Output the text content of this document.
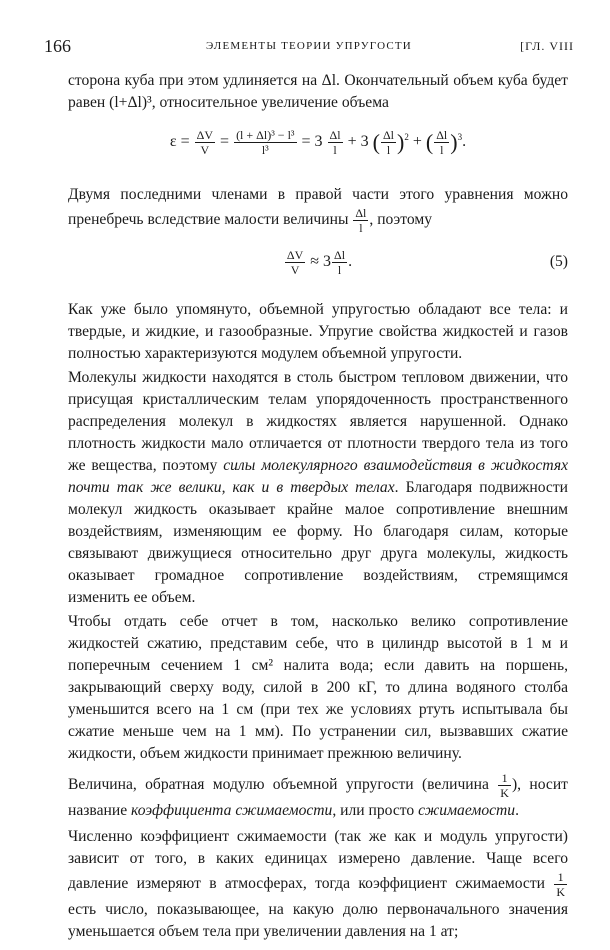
166	ЭЛЕМЕНТЫ ТЕОРИИ УПРУГОСТИ	[ГЛ. VIII

сторона куба при этом удлиняется на Δl. Окончательный объем куба будет равен (l+Δl)³, относительное увеличение объема

$\varepsilon = \frac{\Delta V}{V} = \frac{\text{(l + Δl)³ − l³}}{\text{l³}} = 3 \frac{\Delta l}{l} + 3$ ( $\frac{\Delta l}{l} )^2$ + ( $\frac{\Delta l}{l} )^3$.

Двумя последними членами в правой части этого уравнения можно пренебречь вследствие малости величины $\frac{\Delta l}{l}$ , поэтому

$\frac{\Delta V}{V} \approx 3 \frac{\Delta l}{l}$ .	(5)

Как уже было упомянуто, объемной упругостью обладают все тела: и твердые, и жидкие, и газообразные. Упругие свойства жидкостей и газов полностью характеризуются модулем объемной упругости.

Молекулы жидкости находятся в столь быстром тепловом движении, что присущая кристаллическим телам упорядоченность пространственного распределения молекул в жидкостях является нарушенной. Однако плотность жидкости мало отличается от плотности твердого тела из того же вещества, поэтому силы молекулярного взаимодействия в жидкостях почти так же велики, как и в твердых телах. Благодаря подвижности молекул жидкость оказывает крайне малое сопротивление внешним воздействиям, изменяющим ее форму. Но благодаря силам, которые связывают движущиеся относительно друг друга молекулы, жидкость оказывает громадное сопротивление воздействиям, стремящимся изменить ее объем.

Чтобы отдать себе отчет в том, насколько велико сопротивление жидкостей сжатию, представим себе, что в цилиндр высотой в 1 м и поперечным сечением 1 см² налита вода; если давить на поршень, закрывающий сверху воду, силой в 200 кГ, то длина водяного столба уменьшится всего на 1 см (при тех же условиях ртуть испытывала бы сжатие меньше чем на 1 мм). По устранении сил, вызвавших сжатие жидкости, объем жидкости принимает прежнюю величину.

Величина, обратная модулю объемной упругости (величина $\frac{1}{K}$ ), носит название коэффициента сжимаемости, или просто сжимаемости.

Численно коэффициент сжимаемости (так же как и модуль упругости) зависит от того, в каких единицах измерено давление. Чаще всего давление измеряют в атмосферах, тогда коэффициент сжимаемости $\frac{1}{K}$
есть число, показывающее, на какую долю первоначального значения уменьшается объем тела при увеличении давления на 1 ат;
